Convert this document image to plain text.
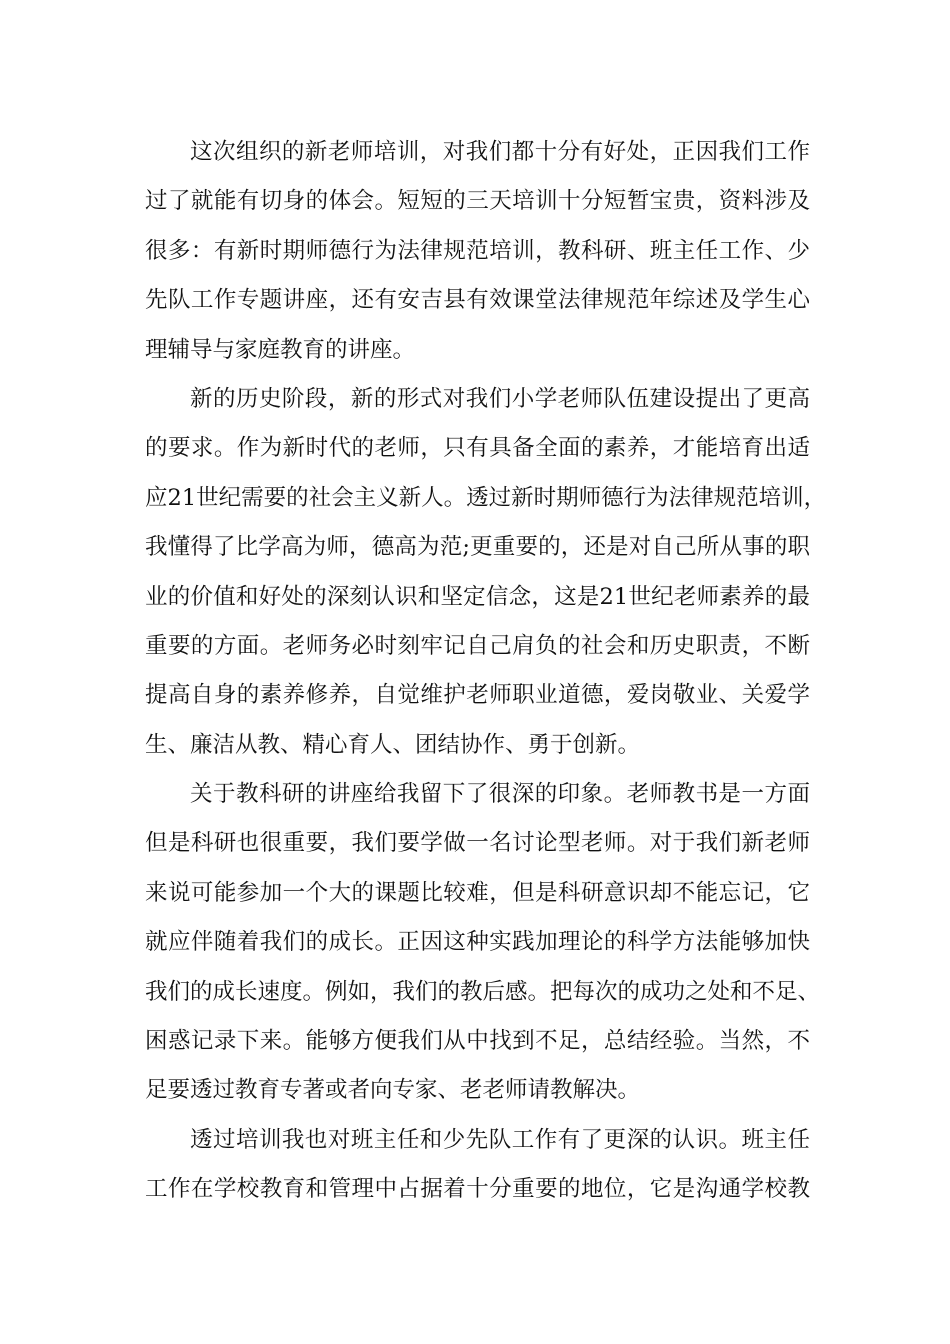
这次组织的新老师培训，对我们都十分有好处，正因我们工作
过了就能有切身的体会。短短的三天培训十分短暂宝贵，资料涉及
很多：有新时期师德行为法律规范培训，教科研、班主任工作、少
先队工作专题讲座，还有安吉县有效课堂法律规范年综述及学生心
理辅导与家庭教育的讲座。
新的历史阶段，新的形式对我们小学老师队伍建设提出了更高
的要求。作为新时代的老师，只有具备全面的素养，才能培育出适
应21世纪需要的社会主义新人。透过新时期师德行为法律规范培训，
我懂得了比学高为师，德高为范;更重要的，还是对自己所从事的职
业的价值和好处的深刻认识和坚定信念，这是21世纪老师素养的最
重要的方面。老师务必时刻牢记自己肩负的社会和历史职责，不断
提高自身的素养修养，自觉维护老师职业道德，爱岗敬业、关爱学
生、廉洁从教、精心育人、团结协作、勇于创新。
关于教科研的讲座给我留下了很深的印象。老师教书是一方面
但是科研也很重要，我们要学做一名讨论型老师。对于我们新老师
来说可能参加一个大的课题比较难，但是科研意识却不能忘记，它
就应伴随着我们的成长。正因这种实践加理论的科学方法能够加快
我们的成长速度。例如，我们的教后感。把每次的成功之处和不足、
困惑记录下来。能够方便我们从中找到不足，总结经验。当然，不
足要透过教育专著或者向专家、老老师请教解决。
透过培训我也对班主任和少先队工作有了更深的认识。班主任
工作在学校教育和管理中占据着十分重要的地位，它是沟通学校教
